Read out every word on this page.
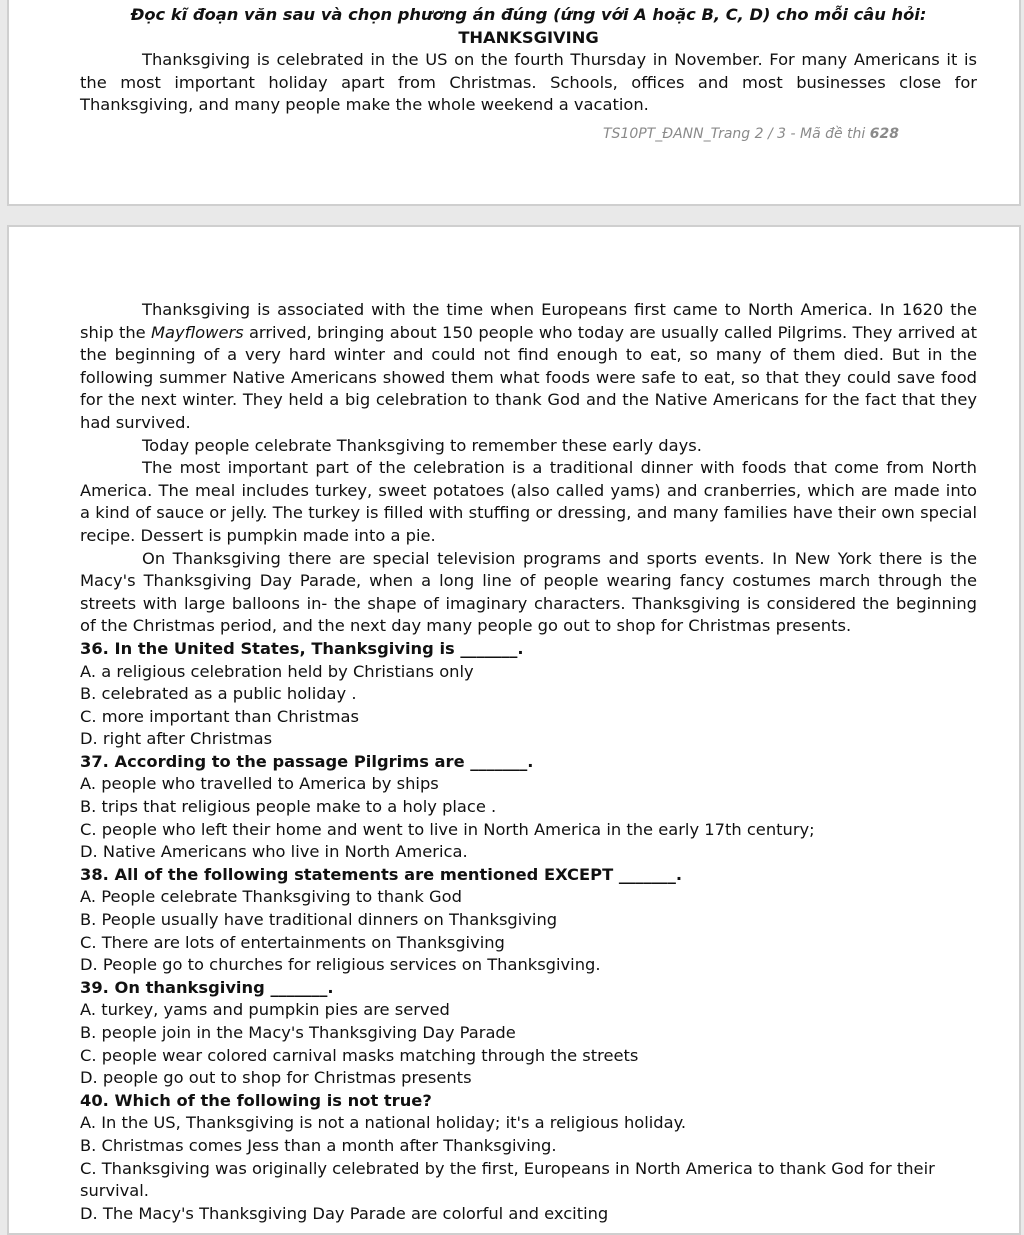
Đọc kĩ đoạn văn sau và chọn phương án đúng (ứng với A hoặc B, C, D) cho mỗi câu hỏi:
THANKSGIVING

Thanksgiving is celebrated in the US on the fourth Thursday in November. For many Americans it is the most important holiday apart from Christmas. Schools, offices and most businesses close for Thanksgiving, and many people make the whole weekend a vacation.

TS10PT_ĐANN_Trang 2 / 3 - Mã đề thi 628

Thanksgiving is associated with the time when Europeans first came to North America. In 1620 the ship the Mayflowers arrived, bringing about 150 people who today are usually called Pilgrims. They arrived at the beginning of a very hard winter and could not find enough to eat, so many of them died. But in the following summer Native Americans showed them what foods were safe to eat, so that they could save food for the next winter. They held a big celebration to thank God and the Native Americans for the fact that they had survived.

Today people celebrate Thanksgiving to remember these early days.

The most important part of the celebration is a traditional dinner with foods that come from North America. The meal includes turkey, sweet potatoes (also called yams) and cranberries, which are made into a kind of sauce or jelly. The turkey is filled with stuffing or dressing, and many families have their own special recipe. Dessert is pumpkin made into a pie.

On Thanksgiving there are special television programs and sports events. In New York there is the Macy's Thanksgiving Day Parade, when a long line of people wearing fancy costumes march through the streets with large balloons in- the shape of imaginary characters. Thanksgiving is considered the beginning of the Christmas period, and the next day many people go out to shop for Christmas presents.

36. In the United States, Thanksgiving is _______.

A. a religious celebration held by Christians only

B. celebrated as a public holiday .

C. more important than Christmas

D. right after Christmas

37. According to the passage Pilgrims are _______.

A. people who travelled to America by ships

B. trips that religious people make to a holy place .

C. people who left their home and went to live in North America in the early 17th century;

D. Native Americans who live in North America.

38. All of the following statements are mentioned EXCEPT _______.

A. People celebrate Thanksgiving to thank God

B. People usually have traditional dinners on Thanksgiving

C. There are lots of entertainments on Thanksgiving

D. People go to churches for religious services on Thanksgiving.

39. On thanksgiving _______.

A. turkey, yams and pumpkin pies are served

B. people join in the Macy's Thanksgiving Day Parade

C. people wear colored carnival masks matching through the streets

D. people go out to shop for Christmas presents

40. Which of the following is not true?

A. In the US, Thanksgiving is not a national holiday; it's a religious holiday.

B. Christmas comes Jess than a month after Thanksgiving.

C. Thanksgiving was originally celebrated by the first, Europeans in North America to thank God for their survival.

D. The Macy's Thanksgiving Day Parade are colorful and exciting
